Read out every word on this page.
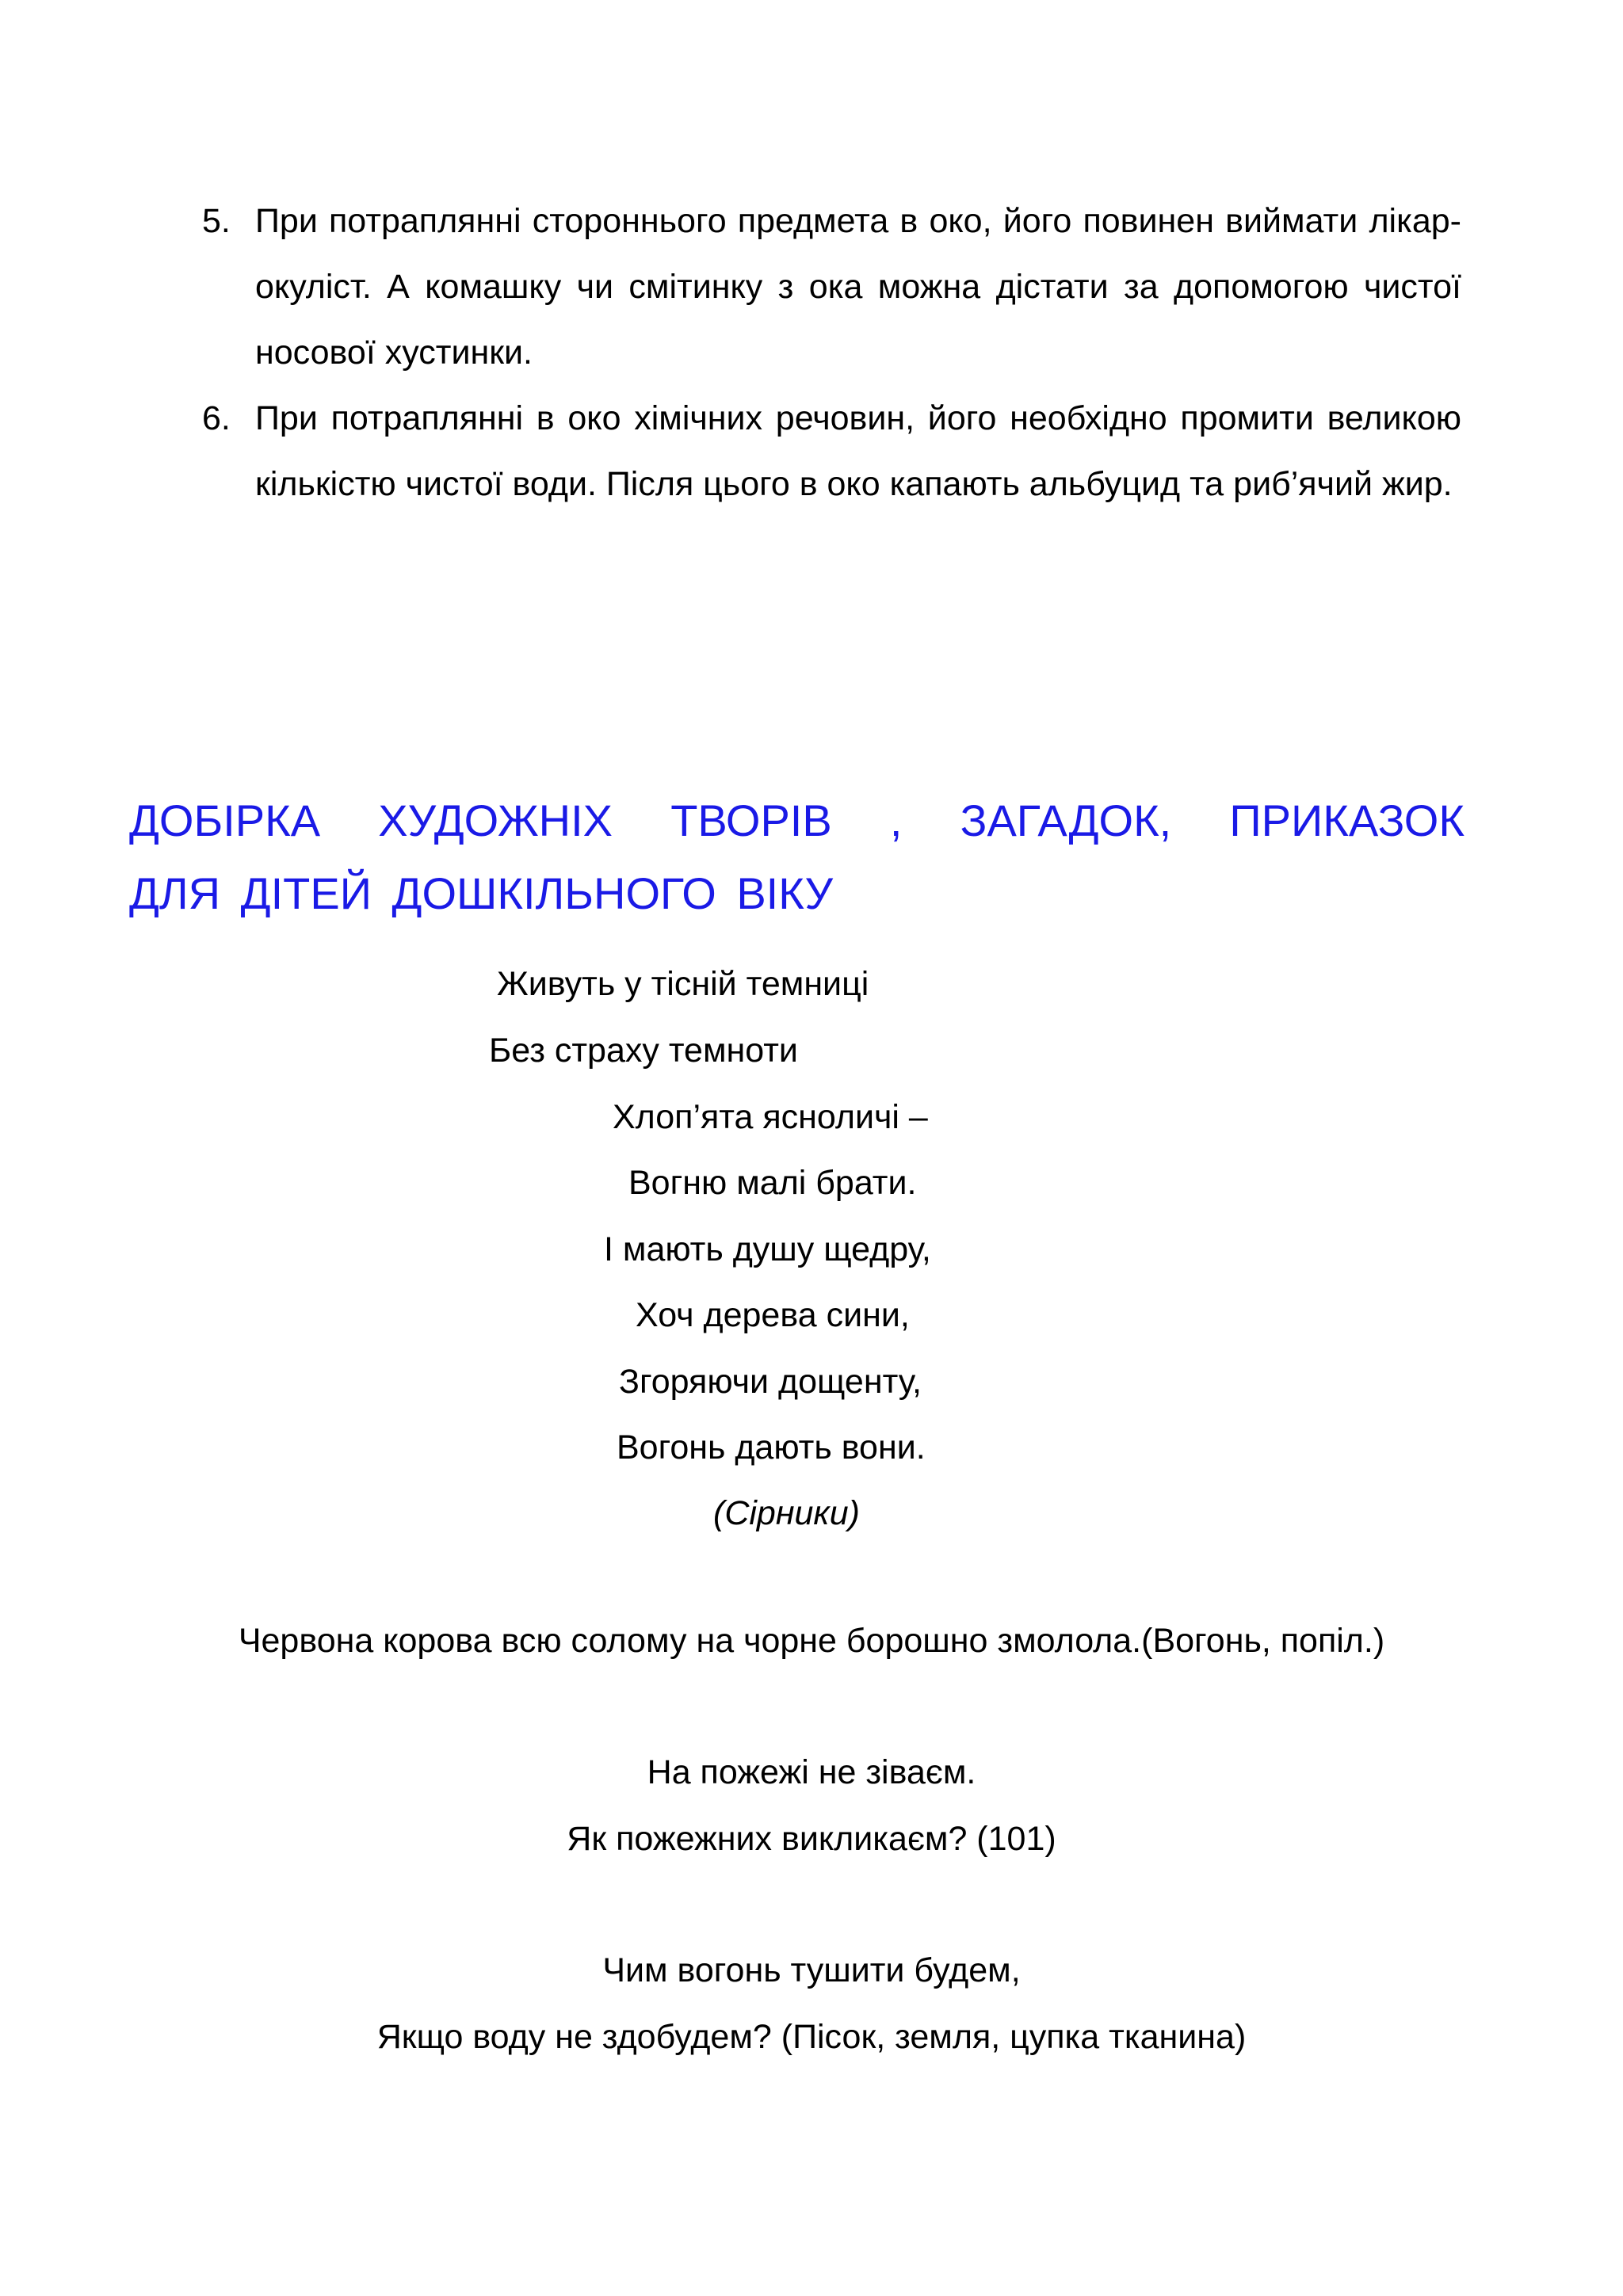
5. При потраплянні стороннього предмета в око, його повинен виймати лікар-окуліст. А комашку чи смітинку з ока можна дістати за допомогою чистої носової хустинки.
6. При потраплянні в око хімічних речовин, його необхідно промити великою кількістю чистої води. Після цього в око капають альбуцид та риб’ячий жир.
ДОБІРКА ХУДОЖНІХ ТВОРІВ , ЗАГАДОК, ПРИКАЗОК
ДЛЯ ДІТЕЙ ДОШКІЛЬНОГО ВІКУ
Живуть у тісній темниці
Без страху темноти
Хлоп’ята ясноличі –
Вогню малі брати.
І мають душу щедру,
Хоч дерева сини,
Згоряючи дощенту,
Вогонь дають вони.
(Сірники)
Червона корова всю солому на чорне борошно змолола.(Вогонь, попіл.)
На пожежі не зіваєм.
Як пожежних викликаєм? (101)
Чим вогонь тушити будем,
Якщо воду не здобудем? (Пісок, земля, цупка тканина)
